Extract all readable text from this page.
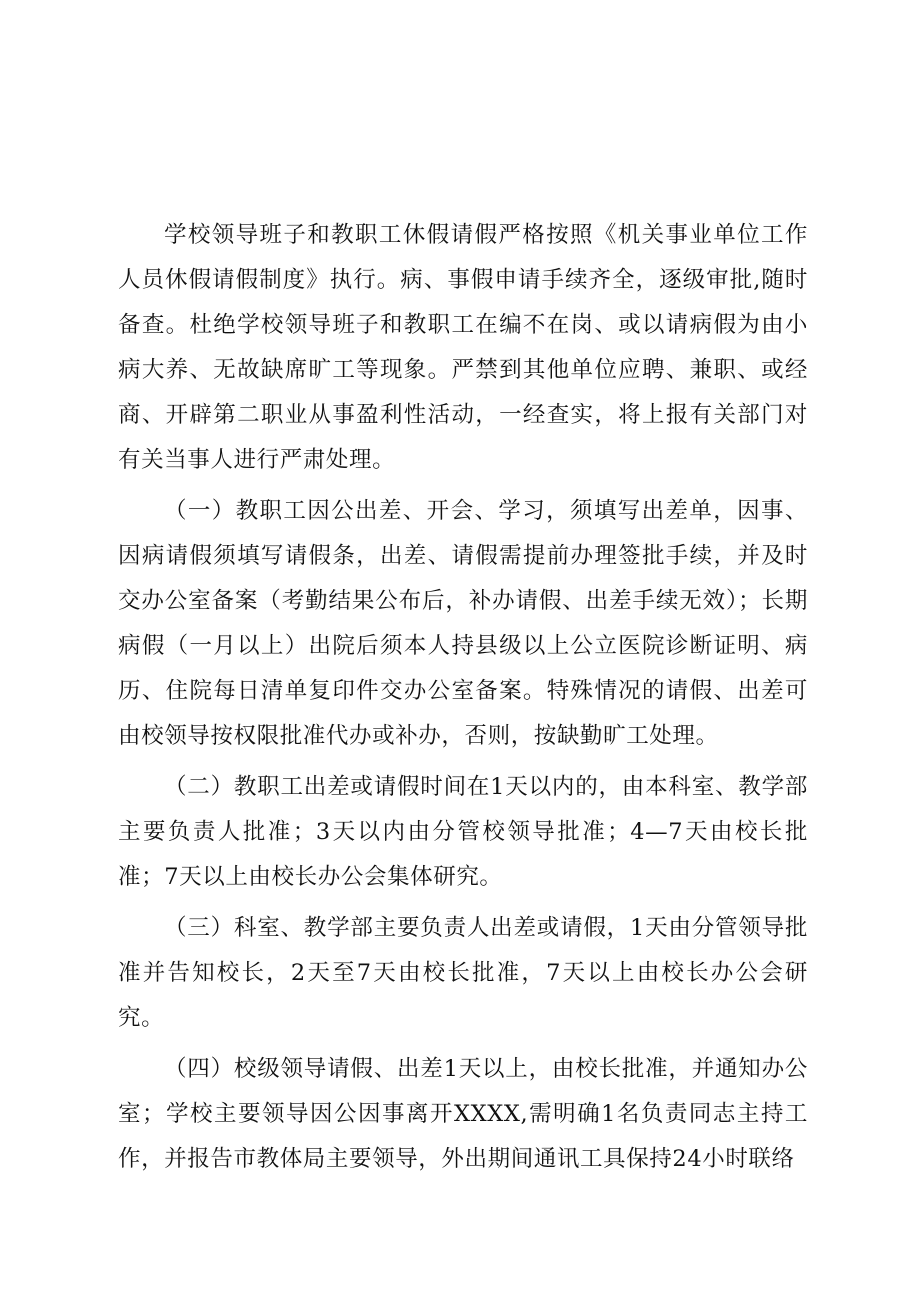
学校领导班子和教职工休假请假严格按照《机关事业单位工作人员休假请假制度》执行。病、事假申请手续齐全，逐级审批,随时备查。杜绝学校领导班子和教职工在编不在岗、或以请病假为由小病大养、无故缺席旷工等现象。严禁到其他单位应聘、兼职、或经商、开辟第二职业从事盈利性活动，一经查实，将上报有关部门对有关当事人进行严肃处理。

（一）教职工因公出差、开会、学习，须填写出差单，因事、因病请假须填写请假条，出差、请假需提前办理签批手续，并及时交办公室备案（考勤结果公布后，补办请假、出差手续无效）；长期病假（一月以上）出院后须本人持县级以上公立医院诊断证明、病历、住院每日清单复印件交办公室备案。特殊情况的请假、出差可由校领导按权限批准代办或补办，否则，按缺勤旷工处理。

（二）教职工出差或请假时间在1天以内的，由本科室、教学部主要负责人批准；3天以内由分管校领导批准；4—7天由校长批准；7天以上由校长办公会集体研究。

（三）科室、教学部主要负责人出差或请假，1天由分管领导批准并告知校长，2天至7天由校长批准，7天以上由校长办公会研究。

（四）校级领导请假、出差1天以上，由校长批准，并通知办公室；学校主要领导因公因事离开XXXX,需明确1名负责同志主持工作，并报告市教体局主要领导，外出期间通讯工具保持24小时联络
